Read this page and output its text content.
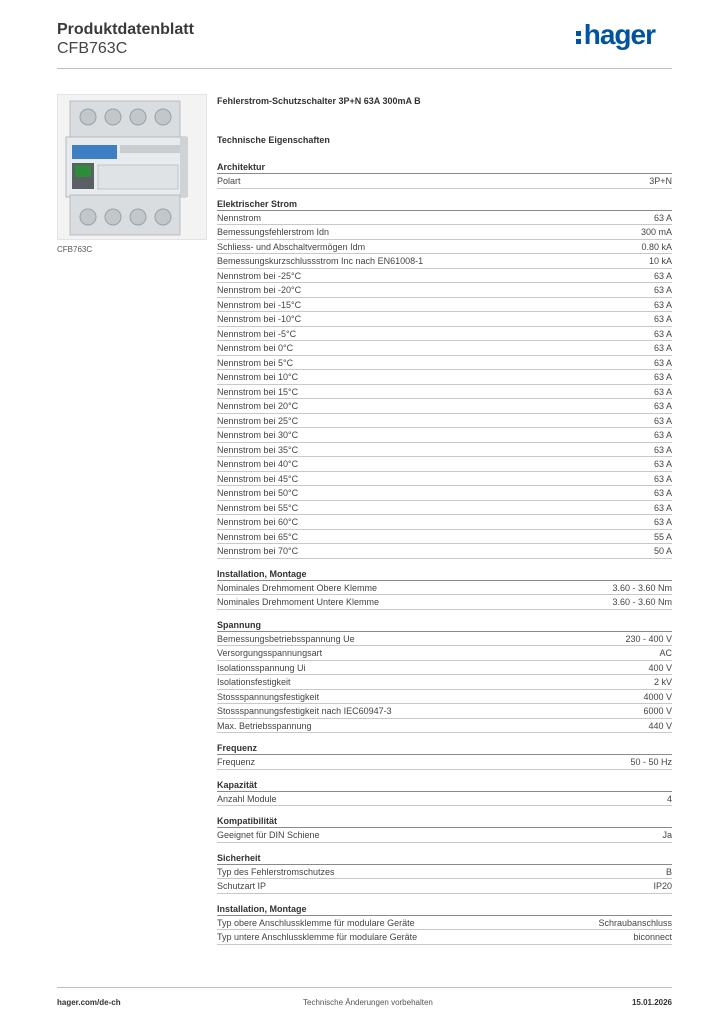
Produktdatenblatt
CFB763C	hager
CFB763C
Fehlerstrom-Schutzschalter 3P+N 63A 300mA B
Technische Eigenschaften
Architektur
Polart	3P+N
Elektrischer Strom
Nennstrom	63 A
Bemessungsfehlerstrom Idn	300 mA
Schliess- und Abschaltvermögen Idm	0.80 kA
Bemessungskurzschlussstrom Inc nach EN61008-1	10 kA
Nennstrom bei -25°C	63 A
Nennstrom bei -20°C	63 A
Nennstrom bei -15°C	63 A
Nennstrom bei -10°C	63 A
Nennstrom bei -5°C	63 A
Nennstrom bei 0°C	63 A
Nennstrom bei 5°C	63 A
Nennstrom bei 10°C	63 A
Nennstrom bei 15°C	63 A
Nennstrom bei 20°C	63 A
Nennstrom bei 25°C	63 A
Nennstrom bei 30°C	63 A
Nennstrom bei 35°C	63 A
Nennstrom bei 40°C	63 A
Nennstrom bei 45°C	63 A
Nennstrom bei 50°C	63 A
Nennstrom bei 55°C	63 A
Nennstrom bei 60°C	63 A
Nennstrom bei 65°C	55 A
Nennstrom bei 70°C	50 A
Installation, Montage
Nominales Drehmoment Obere Klemme	3.60 - 3.60 Nm
Nominales Drehmoment Untere Klemme	3.60 - 3.60 Nm
Spannung
Bemessungsbetriebsspannung Ue	230 - 400 V
Versorgungsspannungsart	AC
Isolationsspannung Ui	400 V
Isolationsfestigkeit	2 kV
Stossspannungsfestigkeit	4000 V
Stossspannungsfestigkeit nach IEC60947-3	6000 V
Max. Betriebsspannung	440 V
Frequenz
Frequenz	50 - 50 Hz
Kapazität
Anzahl Module	4
Kompatibilität
Geeignet für DIN Schiene	Ja
Sicherheit
Typ des Fehlerstromschutzes	B
Schutzart IP	IP20
Installation, Montage
Typ obere Anschlussklemme für modulare Geräte	Schraubanschluss
Typ untere Anschlussklemme für modulare Geräte	biconnect
hager.com/de-ch	Technische Änderungen vorbehalten	15.01.2026
